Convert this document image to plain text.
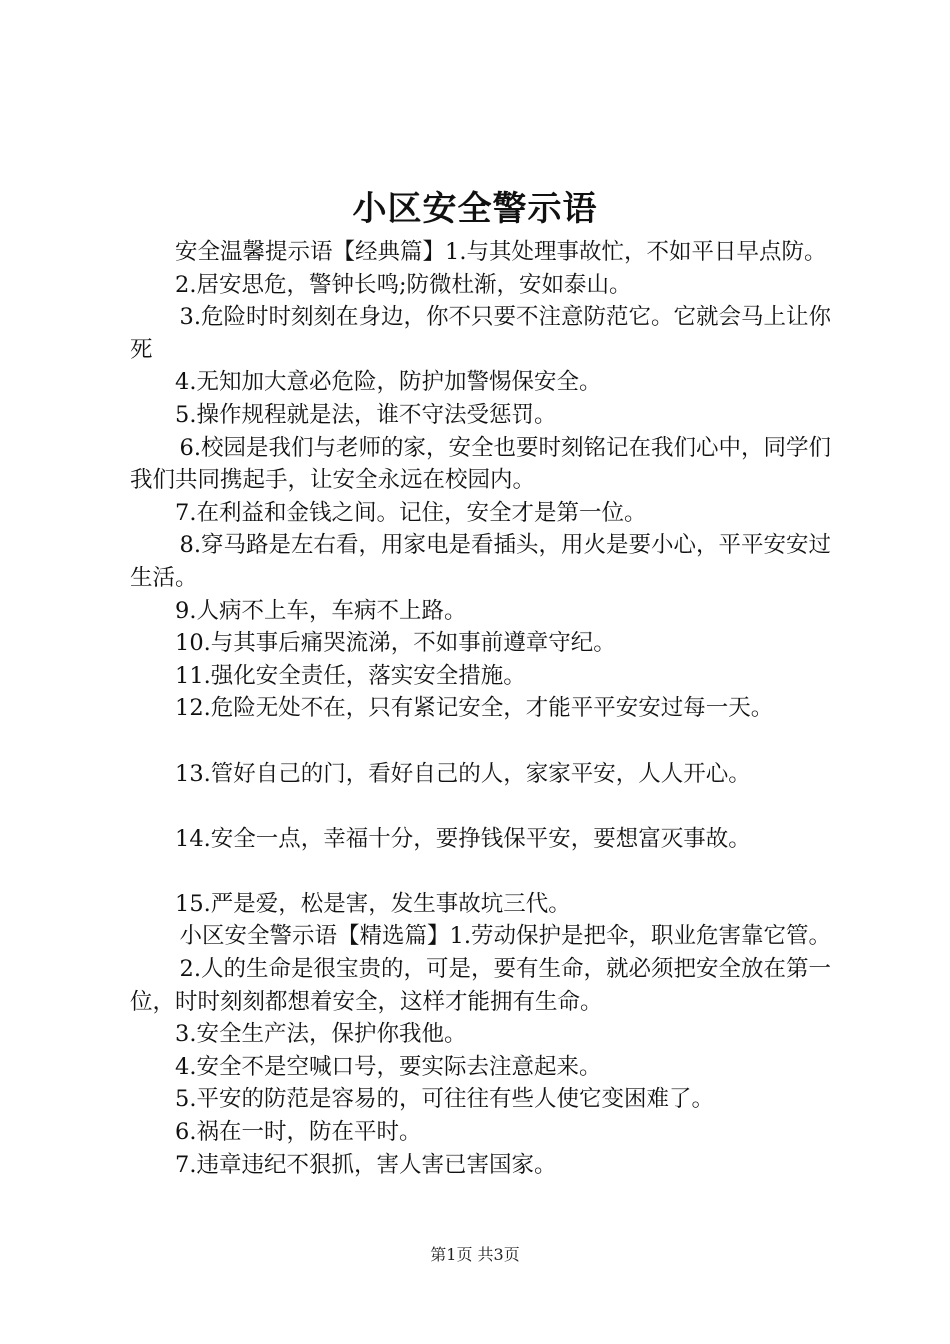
小区安全警示语

安全温馨提示语【经典篇】1.与其处理事故忙，不如平日早点防。

2.居安思危，警钟长鸣;防微杜渐，安如泰山。

3.危险时时刻刻在身边，你不只要不注意防范它。它就会马上让你死

4.无知加大意必危险，防护加警惕保安全。

5.操作规程就是法，谁不守法受惩罚。

6.校园是我们与老师的家，安全也要时刻铭记在我们心中，同学们我们共同携起手，让安全永远在校园内。

7.在利益和金钱之间。记住，安全才是第一位。

8.穿马路是左右看，用家电是看插头，用火是要小心，平平安安过生活。

9.人病不上车，车病不上路。

10.与其事后痛哭流涕，不如事前遵章守纪。

11.强化安全责任，落实安全措施。

12.危险无处不在，只有紧记安全，才能平平安安过每一天。

13.管好自己的门，看好自己的人，家家平安，人人开心。

14.安全一点，幸福十分，要挣钱保平安，要想富灭事故。

15.严是爱，松是害，发生事故坑三代。

小区安全警示语【精选篇】1.劳动保护是把伞，职业危害靠它管。

2.人的生命是很宝贵的，可是，要有生命，就必须把安全放在第一位，时时刻刻都想着安全，这样才能拥有生命。

3.安全生产法，保护你我他。

4.安全不是空喊口号，要实际去注意起来。

5.平安的防范是容易的，可往往有些人使它变困难了。

6.祸在一时，防在平时。

7.违章违纪不狠抓，害人害已害国家。

第1页 共3页
